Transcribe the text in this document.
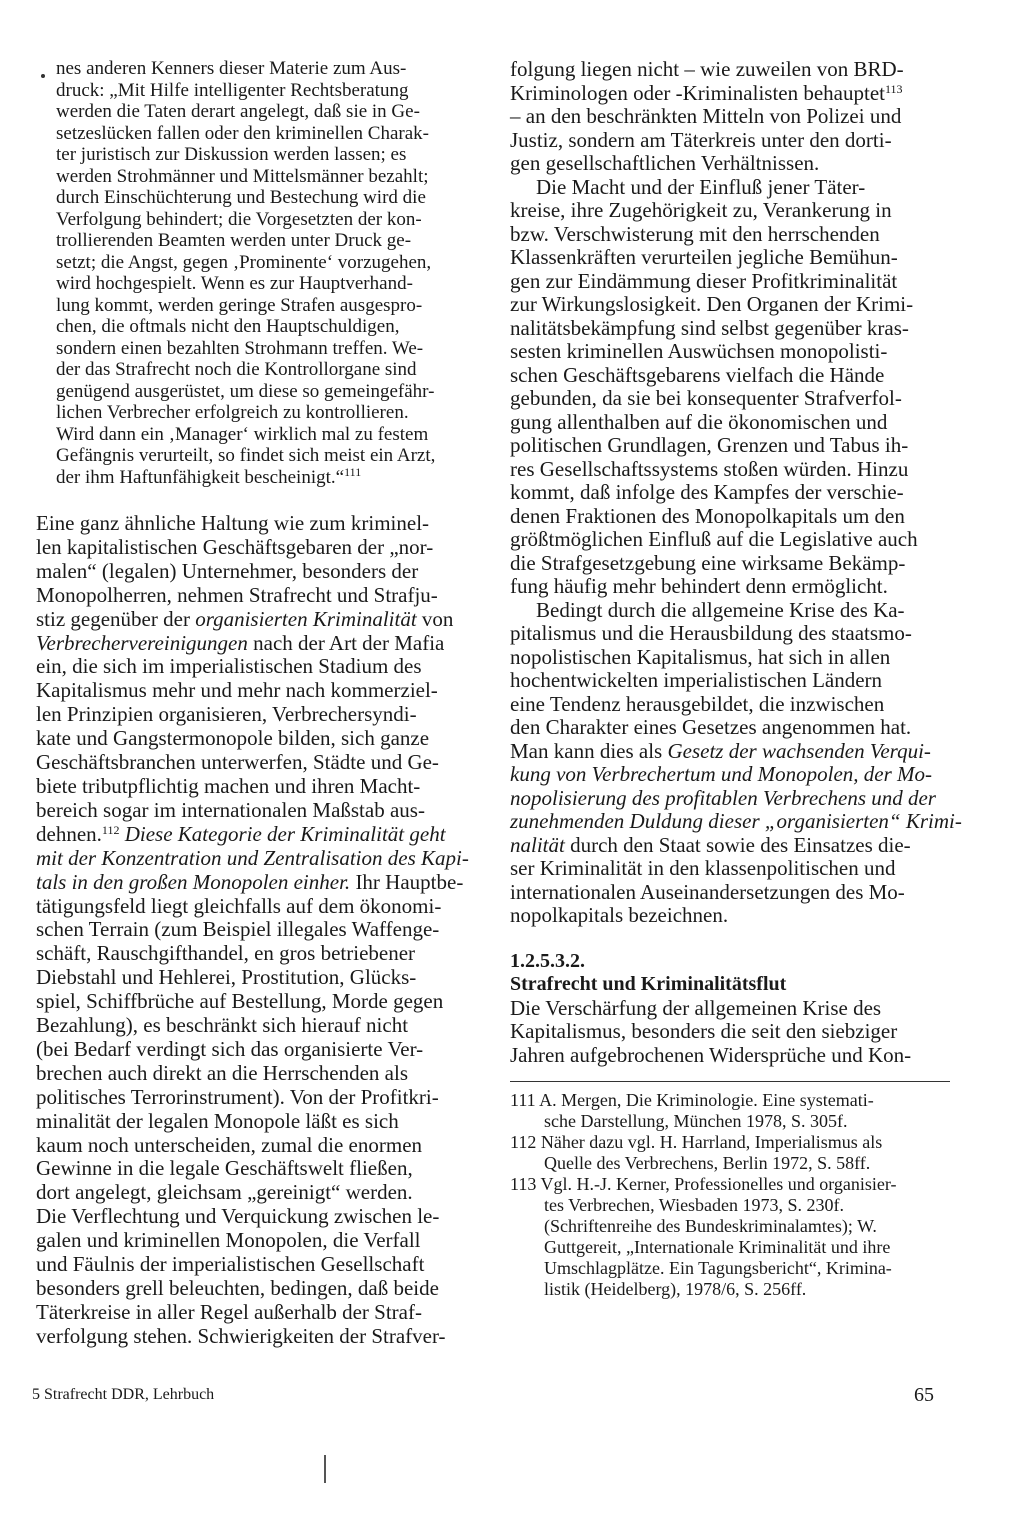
nes anderen Kenners dieser Materie zum Aus-

druck: „Mit Hilfe intelligenter Rechtsberatung

werden die Taten derart angelegt, daß sie in Ge-

setzeslücken fallen oder den kriminellen Charak-

ter juristisch zur Diskussion werden lassen; es

werden Strohmänner und Mittelsmänner bezahlt;

durch Einschüchterung und Bestechung wird die

Verfolgung behindert; die Vorgesetzten der kon-

trollierenden Beamten werden unter Druck ge-

setzt; die Angst, gegen ‚Prominente‘ vorzugehen,

wird hochgespielt. Wenn es zur Hauptverhand-

lung kommt, werden geringe Strafen ausgespro-

chen, die oftmals nicht den Hauptschuldigen,

sondern einen bezahlten Strohmann treffen. We-

der das Strafrecht noch die Kontrollorgane sind

genügend ausgerüstet, um diese so gemeingefähr-

lichen Verbrecher erfolgreich zu kontrollieren.

Wird dann ein ‚Manager‘ wirklich mal zu festem

Gefängnis verurteilt, so findet sich meist ein Arzt,

der ihm Haftunfähigkeit bescheinigt.“$^{111}$

Eine ganz ähnliche Haltung wie zum kriminel-

len kapitalistischen Geschäftsgebaren der „nor-

malen“ (legalen) Unternehmer, besonders der

Monopolherren, nehmen Strafrecht und Strafju-

stiz gegenüber der organisierten Kriminalität von

Verbrechervereinigungen nach der Art der Mafia

ein, die sich im imperialistischen Stadium des

Kapitalismus mehr und mehr nach kommerziel-

len Prinzipien organisieren, Verbrechersyndi-

kate und Gangstermonopole bilden, sich ganze

Geschäftsbranchen unterwerfen, Städte und Ge-

biete tributpflichtig machen und ihren Macht-

bereich sogar im internationalen Maßstab aus-

dehnen.$^{112}$ Diese Kategorie der Kriminalität geht

mit der Konzentration und Zentralisation des Kapi-

tals in den großen Monopolen einher. Ihr Hauptbe-

tätigungsfeld liegt gleichfalls auf dem ökonomi-

schen Terrain (zum Beispiel illegales Waffenge-

schäft, Rauschgifthandel, en gros betriebener

Diebstahl und Hehlerei, Prostitution, Glücks-

spiel, Schiffbrüche auf Bestellung, Morde gegen

Bezahlung), es beschränkt sich hierauf nicht

(bei Bedarf verdingt sich das organisierte Ver-

brechen auch direkt an die Herrschenden als

politisches Terrorinstrument). Von der Profitkri-

minalität der legalen Monopole läßt es sich

kaum noch unterscheiden, zumal die enormen

Gewinne in die legale Geschäftswelt fließen,

dort angelegt, gleichsam „gereinigt“ werden.

Die Verflechtung und Verquickung zwischen le-

galen und kriminellen Monopolen, die Verfall

und Fäulnis der imperialistischen Gesellschaft

besonders grell beleuchten, bedingen, daß beide

Täterkreise in aller Regel außerhalb der Straf-

verfolgung stehen. Schwierigkeiten der Strafver-

folgung liegen nicht – wie zuweilen von BRD-

Kriminologen oder -Kriminalisten behauptet$^{113}$

– an den beschränkten Mitteln von Polizei und

Justiz, sondern am Täterkreis unter den dorti-

gen gesellschaftlichen Verhältnissen.

Die Macht und der Einfluß jener Täter-

kreise, ihre Zugehörigkeit zu, Verankerung in

bzw. Verschwisterung mit den herrschenden

Klassenkräften verurteilen jegliche Bemühun-

gen zur Eindämmung dieser Profitkriminalität

zur Wirkungslosigkeit. Den Organen der Krimi-

nalitätsbekämpfung sind selbst gegenüber kras-

sesten kriminellen Auswüchsen monopolisti-

schen Geschäftsgebarens vielfach die Hände

gebunden, da sie bei konsequenter Strafverfol-

gung allenthalben auf die ökonomischen und

politischen Grundlagen, Grenzen und Tabus ih-

res Gesellschaftssystems stoßen würden. Hinzu

kommt, daß infolge des Kampfes der verschie-

denen Fraktionen des Monopolkapitals um den

größtmöglichen Einfluß auf die Legislative auch

die Strafgesetzgebung eine wirksame Bekämp-

fung häufig mehr behindert denn ermöglicht.

Bedingt durch die allgemeine Krise des Ka-

pitalismus und die Herausbildung des staatsmo-

nopolistischen Kapitalismus, hat sich in allen

hochentwickelten imperialistischen Ländern

eine Tendenz herausgebildet, die inzwischen

den Charakter eines Gesetzes angenommen hat.

Man kann dies als Gesetz der wachsenden Verqui-

kung von Verbrechertum und Monopolen, der Mo-

nopolisierung des profitablen Verbrechens und der

zunehmenden Duldung dieser „organisierten“ Krimi-

nalität durch den Staat sowie des Einsatzes die-

ser Kriminalität in den klassenpolitischen und

internationalen Auseinandersetzungen des Mo-

nopolkapitals bezeichnen.

1.2.5.3.2.

Strafrecht und Kriminalitätsflut

Die Verschärfung der allgemeinen Krise des

Kapitalismus, besonders die seit den siebziger

Jahren aufgebrochenen Widersprüche und Kon-

111 A. Mergen, Die Kriminologie. Eine systemati-

sche Darstellung, München 1978, S. 305f.

112 Näher dazu vgl. H. Harrland, Imperialismus als

Quelle des Verbrechens, Berlin 1972, S. 58ff.

113 Vgl. H.-J. Kerner, Professionelles und organisier-

tes Verbrechen, Wiesbaden 1973, S. 230f.

(Schriftenreihe des Bundeskriminalamtes); W.

Guttgereit, „Internationale Kriminalität und ihre

Umschlagplätze. Ein Tagungsbericht“, Krimina-

listik (Heidelberg), 1978/6, S. 256ff.

5 Strafrecht DDR, Lehrbuch	65
